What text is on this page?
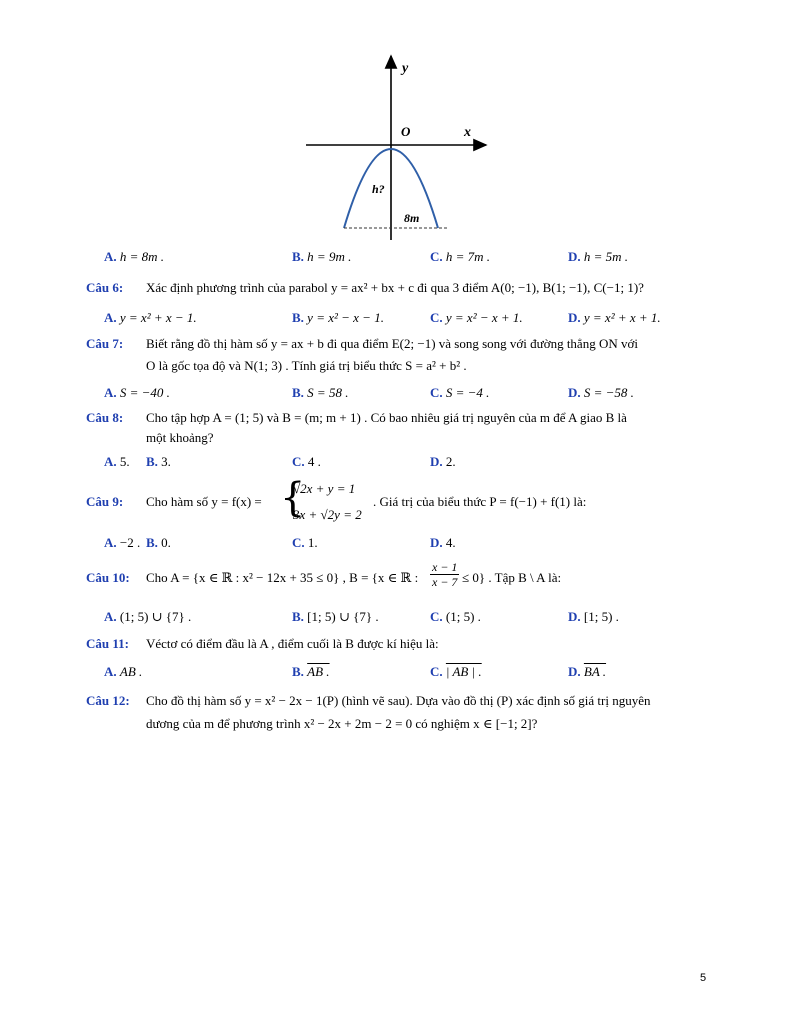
y
x
O
h?
8m
A. h = 8m .	B. h = 9m .	C. h = 7m .	D. h = 5m .
Câu 6: Xác định phương trình của parabol y = ax² + bx + c đi qua 3 điểm A(0; −1), B(1; −1), C(−1; 1)?
A. y = x² + x − 1.	B. y = x² − x − 1.	C. y = x² − x + 1.	D. y = x² + x + 1.
Câu 7: Biết rằng đồ thị hàm số y = ax + b đi qua điểm E(2; −1) và song song với đường thẳng ON với
O là gốc tọa độ và N(1; 3) . Tính giá trị biểu thức S = a² + b² .
A. S = −40 .	B. S = 58 .	C. S = −4 .	D. S = −58 .
Câu 8: Cho tập hợp A = (1; 5) và B = (m; m + 1) . Có bao nhiêu giá trị nguyên của m để A giao B là
một khoảng?
A. 5. B. 3.	C. 4 .	D. 2.
Câu 9: Cho hàm số y = f(x) = {
√2x + y = 1
3x + √2y = 2
. Giá trị của biểu thức P = f(−1) + f(1) là:
A. −2 . B. 0.	C. 1.	D. 4.
Câu 10: Cho A = {x ∈ ℝ : x² − 12x + 35 ≤ 0} , B = {x ∈ ℝ : $\frac{x - 1}{x - 7} \le 0$} . Tập B \ A là:
A. (1; 5) ∪ {7} .	B. [1; 5) ∪ {7} .	C. (1; 5) .	D. [1; 5) .
Câu 11: Véctơ có điểm đầu là A , điểm cuối là B được kí hiệu là:
A. AB .	B. AB .	C. | AB | .	D. BA .
Câu 12: Cho đồ thị hàm số y = x² − 2x − 1(P) (hình vẽ sau). Dựa vào đồ thị (P) xác định số giá trị nguyên
dương của m để phương trình x² − 2x + 2m − 2 = 0 có nghiệm x ∈ [−1; 2]?
5
